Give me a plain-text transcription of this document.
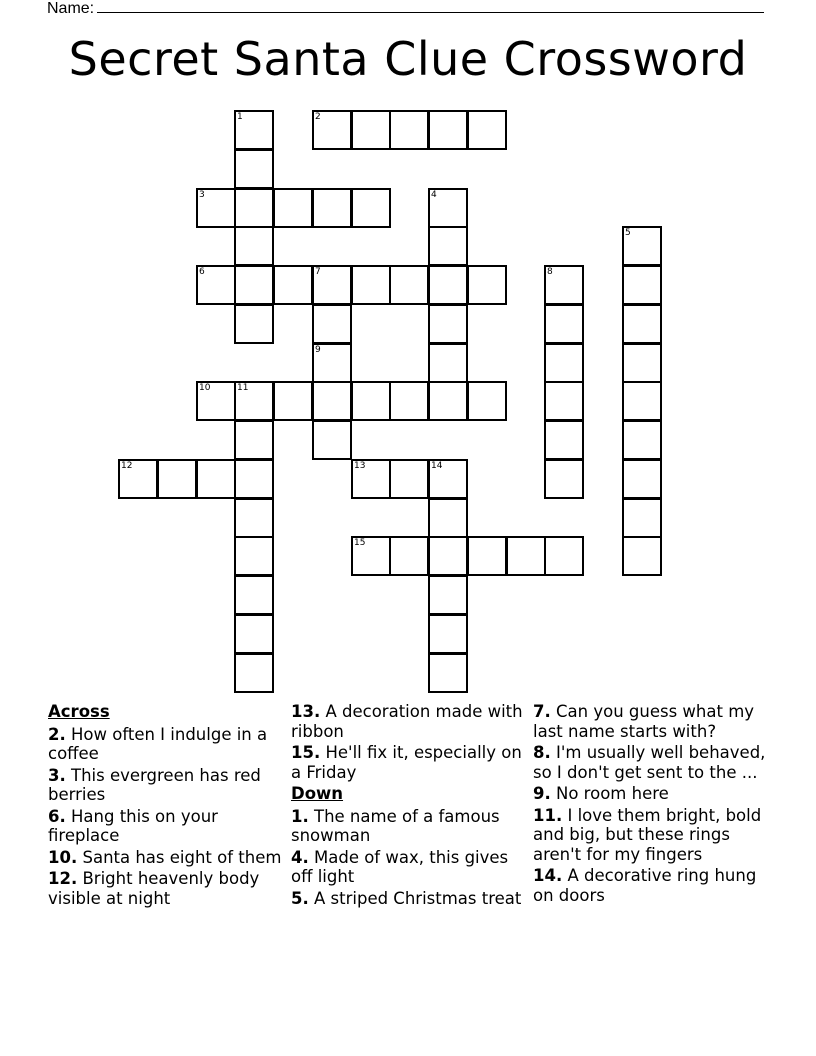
Name:
Secret Santa Clue Crossword
2
3
6	7
10	11
12	13	14
15
1
4
5
9
8
Across
2. How often I indulge in a coffee
3. This evergreen has red berries
6. Hang this on your fireplace
10. Santa has eight of them
12. Bright heavenly body visible at night
13. A decoration made with ribbon
15. He'll fix it, especially on a Friday
Down
1. The name of a famous snowman
4. Made of wax, this gives off light
5. A striped Christmas treat
7. Can you guess what my last name starts with?
8. I'm usually well behaved, so I don't get sent to the ...
9. No room here
11. I love them bright, bold and big, but these rings aren't for my fingers
14. A decorative ring hung on doors
